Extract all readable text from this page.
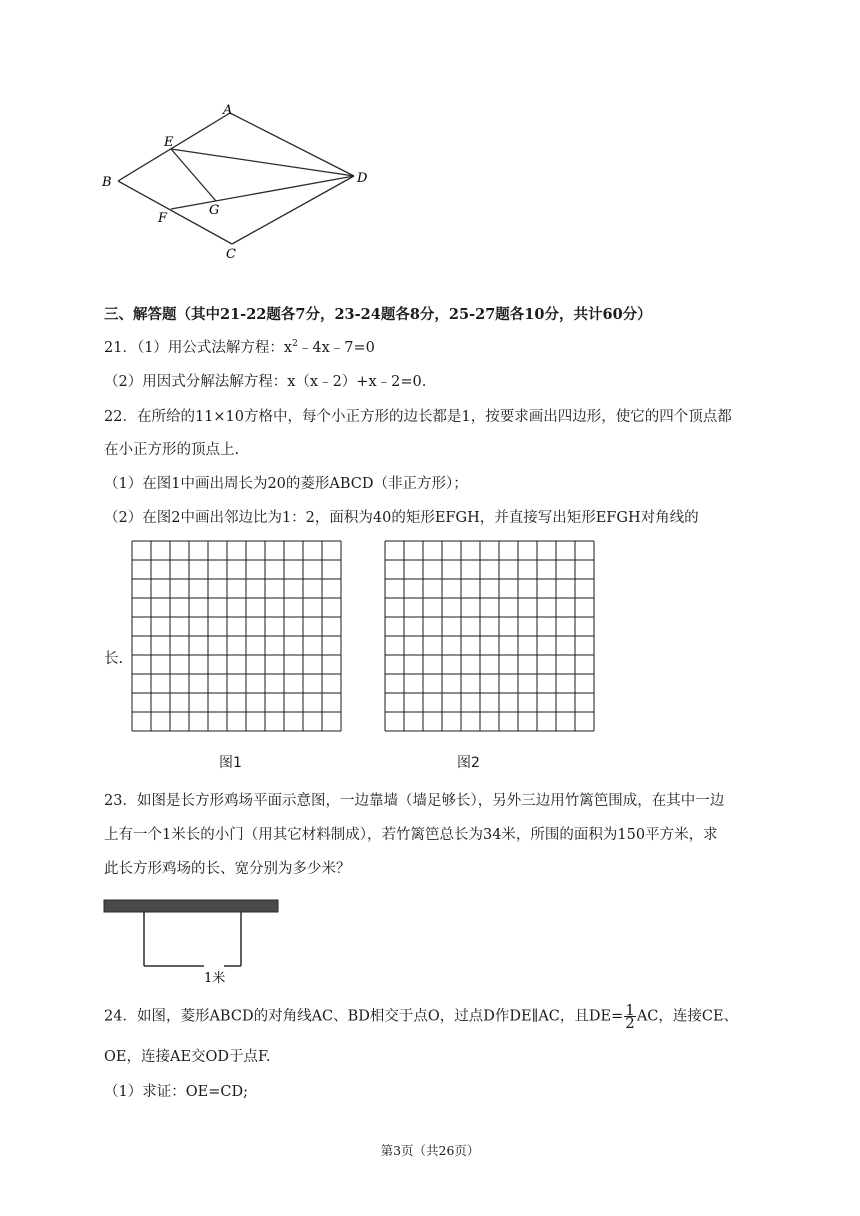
A
E
B	D
G
F
C
三、解答题（其中21-22题各7分，23-24题各8分，25-27题各10分，共计60分）
21．（1）用公式法解方程：$x^2﹣4x﹣7=0$
（2）用因式分解法解方程：x（x﹣2）+x﹣2=0.
22．在所给的11×10方格中，每个小正方形的边长都是1，按要求画出四边形，使它的四个顶点都
在小正方形的顶点上.
（1）在图1中画出周长为20的菱形ABCD（非正方形）；
（2）在图2中画出邻边比为1：2，面积为40的矩形EFGH，并直接写出矩形EFGH对角线的
长.
图1	图2
23．如图是长方形鸡场平面示意图，一边靠墙（墙足够长），另外三边用竹篱笆围成，在其中一边
上有一个1米长的小门（用其它材料制成），若竹篱笆总长为34米，所围的面积为150平方米，求
此长方形鸡场的长、宽分别为多少米？
1米
24．如图，菱形ABCD的对角线AC、BD相交于点O，过点D作DE∥AC，且$DE= \frac{1}{2}$ AC，连接CE、
OE，连接AE交OD于点F.
（1）求证：OE=CD;
第3页（共26页）
